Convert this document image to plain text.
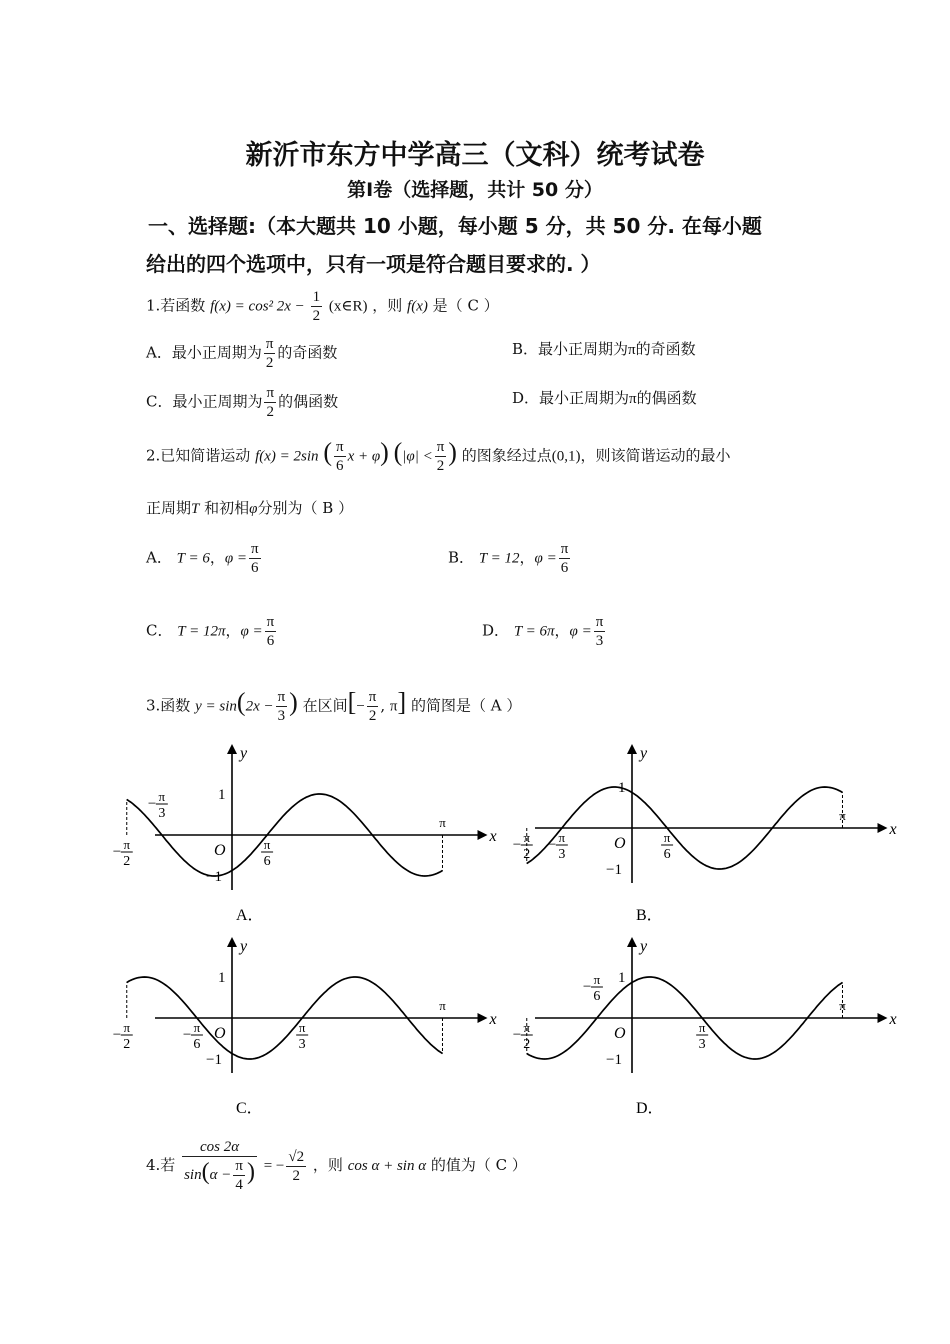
新沂市东方中学高三（文科）统考试卷
第Ⅰ卷（选择题，共计 50 分）
一、选择题:（本大题共 10 小题，每小题 5 分，共 50 分. 在每小题
给出的四个选项中，只有一项是符合题目要求的. ）
1.若函数 f(x) = cos² $2x - \frac{1}{2}$ (x∈R) ，则 f(x) 是（ C ）
A．最小正周期为 $\frac{\pi}{2}$ 的奇函数	B．最小正周期为π的奇函数
C．最小正周期为 $\frac{\pi}{2}$ 的偶函数	D．最小正周期为π的偶函数
2.已知简谐运动 f(x) = 2sin ( $\frac{\pi}{6}$ x + φ) ($|\varphi| < \frac{\pi}{2}$ ) 的图象经过点(0,1)，则该简谐运动的最小
正周期T 和初相φ分别为（ B ）
A． T = 6，$\varphi = \frac{\pi}{6}$	B． T = 12，$\varphi = \frac{\pi}{6}$
C． T = 12π，$\varphi = \frac{\pi}{6}$	D． T = 6π，$\varphi = \frac{\pi}{3}$
3.函数 $y = \sin(2x - \frac{\pi}{3}$ ) 在区间[− $\frac{\pi}{2}$ , π] 的简图是（ A ）
x
y
O
1
−1
π
− π
2
− π
3
π
6
A．
x
y
O
1
−1
π
− π
2
− π
3
π
6
B．
x
y
O
1
−1
π
− π
2
− π
6
π
3
C．
x
y
O
1
−1
π
− π
2
− π
6
π
3
D．
4.若 $\frac{\cos 2\alpha}{\sin(\alpha - \frac{\pi}{4} )}$ = − $\frac{√2}{2}$ ，则 cos α + sin α 的值为（ C ）
